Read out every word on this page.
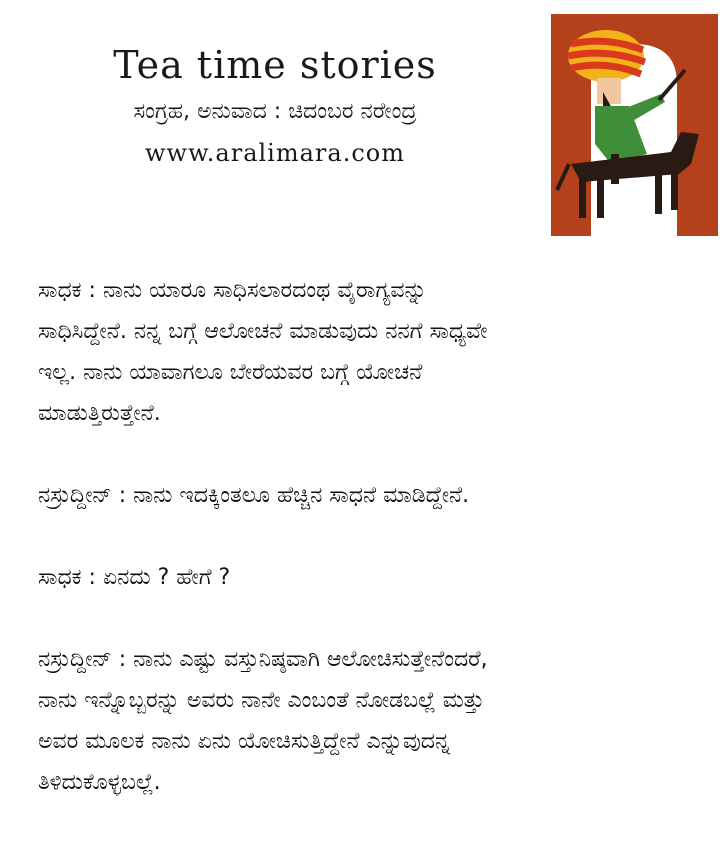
Tea time stories
ಸಂಗ್ರಹ, ಅನುವಾದ : ಚಿದಂಬರ ನರೇಂದ್ರ
www.aralimara.com

ಸಾಧಕ : ನಾನು ಯಾರೂ ಸಾಧಿಸಲಾರದಂಥ ವೈರಾಗ್ಯವನ್ನು
ಸಾಧಿಸಿದ್ದೇನೆ. ನನ್ನ ಬಗ್ಗೆ ಆಲೋಚನೆ ಮಾಡುವುದು ನನಗೆ ಸಾಧ್ಯವೇ
ಇಲ್ಲ. ನಾನು ಯಾವಾಗಲೂ ಬೇರೆಯವರ ಬಗ್ಗೆ ಯೋಚನೆ
ಮಾಡುತ್ತಿರುತ್ತೇನೆ.

ನಸ್ರುದ್ದೀನ್ : ನಾನು ಇದಕ್ಕಿಂತಲೂ ಹೆಚ್ಚಿನ ಸಾಧನೆ ಮಾಡಿದ್ದೇನೆ.

ಸಾಧಕ : ಏನದು ? ಹೇಗೆ ?

ನಸ್ರುದ್ದೀನ್ : ನಾನು ಎಷ್ಟು ವಸ್ತುನಿಷ್ಠವಾಗಿ ಆಲೋಚಿಸುತ್ತೇನೆಂದರೆ,
ನಾನು ಇನ್ನೊಬ್ಬರನ್ನು ಅವರು ನಾನೇ ಎಂಬಂತೆ ನೋಡಬಲ್ಲೆ ಮತ್ತು
ಅವರ ಮೂಲಕ ನಾನು ಏನು ಯೋಚಿಸುತ್ತಿದ್ದೇನೆ ಎನ್ನುವುದನ್ನ
ತಿಳಿದುಕೊಳ್ಳಬಲ್ಲೆ.
